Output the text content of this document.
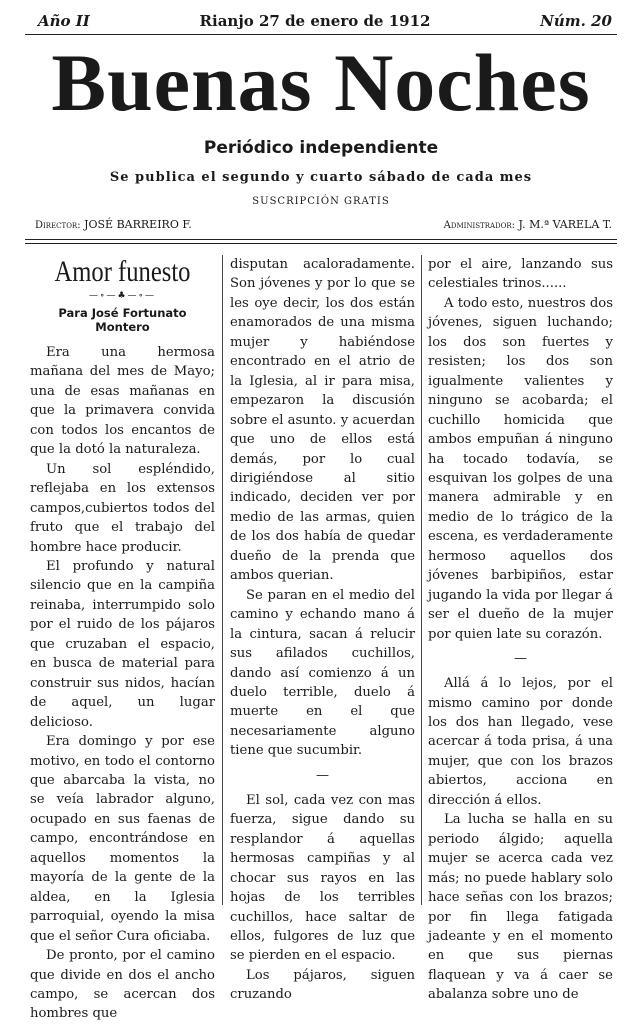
Año II	Rianjo 27 de enero de 1912	Núm. 20
Buenas Noches
Periódico independiente
Se publica el segundo y cuarto sábado de cada mes
SUSCRIPCIÓN GRATIS
Director: JOSÉ BARREIRO F.	Administrador: J. M.ª VARELA T.
Amor funesto
—∘—♣—∘—
Para José Fortunato Montero

Era una hermosa mañana del mes de Mayo; una de esas mañanas en que la primavera convida con todos los encantos de que la dotó la naturaleza.

Un sol espléndido, reflejaba en los extensos campos,cubiertos todos del fruto que el trabajo del hombre hace producir.

El profundo y natural silencio que en la campiña reinaba, interrumpido solo por el ruido de los pájaros que cruzaban el espacio, en busca de material para construir sus nidos, hacían de aquel, un lugar delicioso.

Era domingo y por ese motivo, en todo el contorno que abarcaba la vista, no se veía labrador alguno, ocupado en sus faenas de campo, encontrándose en aquellos momentos la mayoría de la gente de la aldea, en la Iglesia parroquial, oyendo la misa que el señor Cura oficiaba.

De pronto, por el camino que divide en dos el ancho campo, se acercan dos hombres que

disputan acaloradamente. Son jóvenes y por lo que se les oye decir, los dos están enamorados de una misma mujer y habiéndose encontrado en el atrio de la Iglesia, al ir para misa, empezaron la discusión sobre el asunto. y acuerdan que uno de ellos está demás, por lo cual dirigiéndose al sitio indicado, deciden ver por medio de las armas, quien de los dos había de quedar dueño de la prenda que ambos querian.

Se paran en el medio del camino y echando mano á la cintura, sacan á relucir sus afilados cuchillos, dando así comienzo á un duelo terrible, duelo á muerte en el que necesariamente alguno tiene que sucumbir.

—

El sol, cada vez con mas fuerza, sigue dando su resplandor á aquellas hermosas campiñas y al chocar sus rayos en las hojas de los terribles cuchillos, hace saltar de ellos, fulgores de luz que se pierden en el espacio.

Los pájaros, siguen cruzando

por el aire, lanzando sus celestiales trinos......

A todo esto, nuestros dos jóvenes, siguen luchando; los dos son fuertes y resisten; los dos son igualmente valientes y ninguno se acobarda; el cuchillo homicida que ambos empuñan á ninguno ha tocado todavía, se esquivan los golpes de una manera admirable y en medio de lo trágico de la escena, es verdaderamente hermoso aquellos dos jóvenes barbipiños, estar jugando la vida por llegar á ser el dueño de la mujer por quien late su corazón.

—

Allá á lo lejos, por el mismo camino por donde los dos han llegado, vese acercar á toda prisa, á una mujer, que con los brazos abiertos, acciona en dirección á ellos.

La lucha se halla en su periodo álgido; aquella mujer se acerca cada vez más; no puede hablary solo hace señas con los brazos; por fin llega fatigada jadeante y en el momento en que sus piernas flaquean y va á caer se abalanza sobre uno de
